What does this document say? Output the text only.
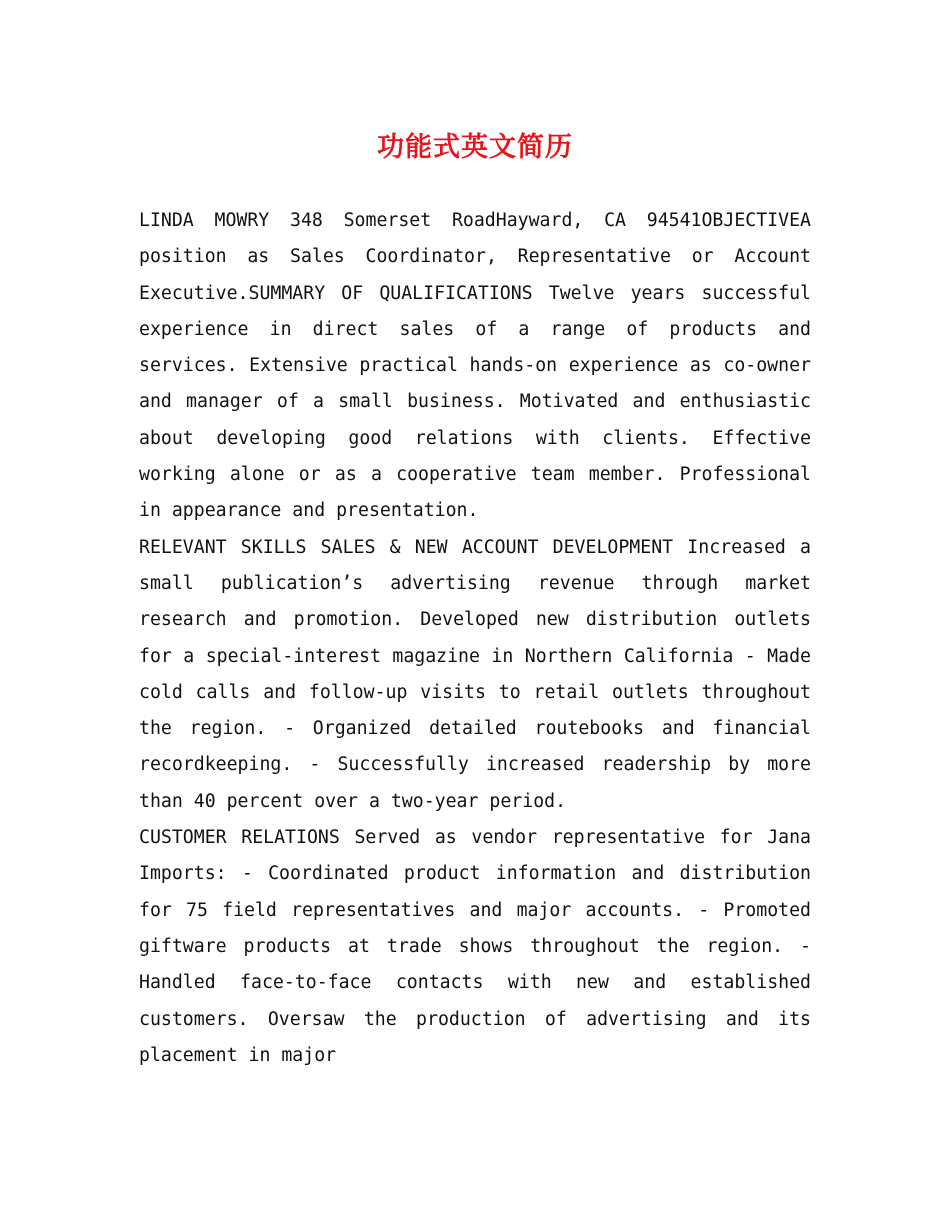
功能式英文简历

LINDA MOWRY 348 Somerset RoadHayward, CA 94541OBJECTIVEA position as Sales Coordinator, Representative or Account Executive.SUMMARY OF QUALIFICATIONS Twelve years successful experience in direct sales of a range of products and services. Extensive practical hands-on experience as co-owner and manager of a small business. Motivated and enthusiastic about developing good relations with clients. Effective working alone or as a cooperative team member. Professional in appearance and presentation.

RELEVANT SKILLS SALES & NEW ACCOUNT DEVELOPMENT Increased a small publication’s advertising revenue through market research and promotion. Developed new distribution outlets for a special-interest magazine in Northern California - Made cold calls and follow-up visits to retail outlets throughout the region. - Organized detailed routebooks and financial recordkeeping. - Successfully increased readership by more than 40 percent over a two-year period.

CUSTOMER RELATIONS Served as vendor representative for Jana Imports: - Coordinated product information and distribution for 75 field representatives and major accounts. - Promoted giftware products at trade shows throughout the region. - Handled face-to-face contacts with new and established customers. Oversaw the production of advertising and its placement in major
